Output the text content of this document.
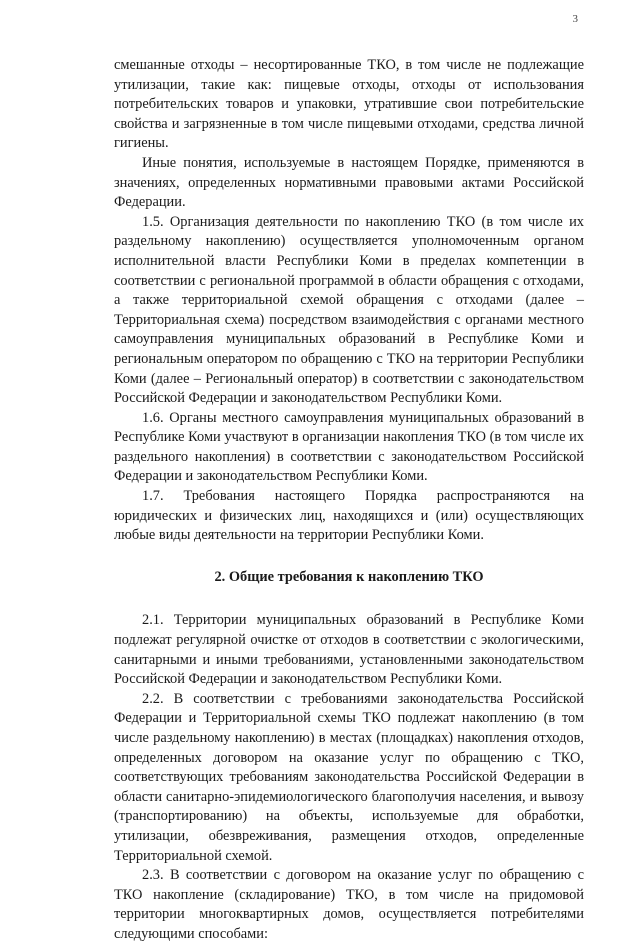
3

смешанные отходы – несортированные ТКО, в том числе не подлежащие утилизации, такие как: пищевые отходы, отходы от использования потребительских товаров и упаковки, утратившие свои потребительские свойства и загрязненные в том числе пищевыми отходами, средства личной гигиены.

Иные понятия, используемые в настоящем Порядке, применяются в значениях, определенных нормативными правовыми актами Российской Федерации.

1.5. Организация деятельности по накоплению ТКО (в том числе их раздельному накоплению) осуществляется уполномоченным органом исполнительной власти Республики Коми в пределах компетенции в соответствии с региональной программой в области обращения с отходами, а также территориальной схемой обращения с отходами (далее – Территориальная схема) посредством взаимодействия с органами местного самоуправления муниципальных образований в Республике Коми и региональным оператором по обращению с ТКО на территории Республики Коми (далее – Региональный оператор) в соответствии с законодательством Российской Федерации и законодательством Республики Коми.

1.6. Органы местного самоуправления муниципальных образований в Республике Коми участвуют в организации накопления ТКО (в том числе их раздельного накопления) в соответствии с законодательством Российской Федерации и законодательством Республики Коми.

1.7. Требования настоящего Порядка распространяются на юридических и физических лиц, находящихся и (или) осуществляющих любые виды деятельности на территории Республики Коми.

2. Общие требования к накоплению ТКО

2.1. Территории муниципальных образований в Республике Коми подлежат регулярной очистке от отходов в соответствии с экологическими, санитарными и иными требованиями, установленными законодательством Российской Федерации и законодательством Республики Коми.

2.2. В соответствии с требованиями законодательства Российской Федерации и Территориальной схемы ТКО подлежат накоплению (в том числе раздельному накоплению) в местах (площадках) накопления отходов, определенных договором на оказание услуг по обращению с ТКО, соответствующих требованиям законодательства Российской Федерации в области санитарно-эпидемиологического благополучия населения, и вывозу (транспортированию) на объекты, используемые для обработки, утилизации, обезвреживания, размещения отходов, определенные Территориальной схемой.

2.3. В соответствии с договором на оказание услуг по обращению с ТКО накопление (складирование) ТКО, в том числе на придомовой территории многоквартирных домов, осуществляется потребителями следующими способами:
